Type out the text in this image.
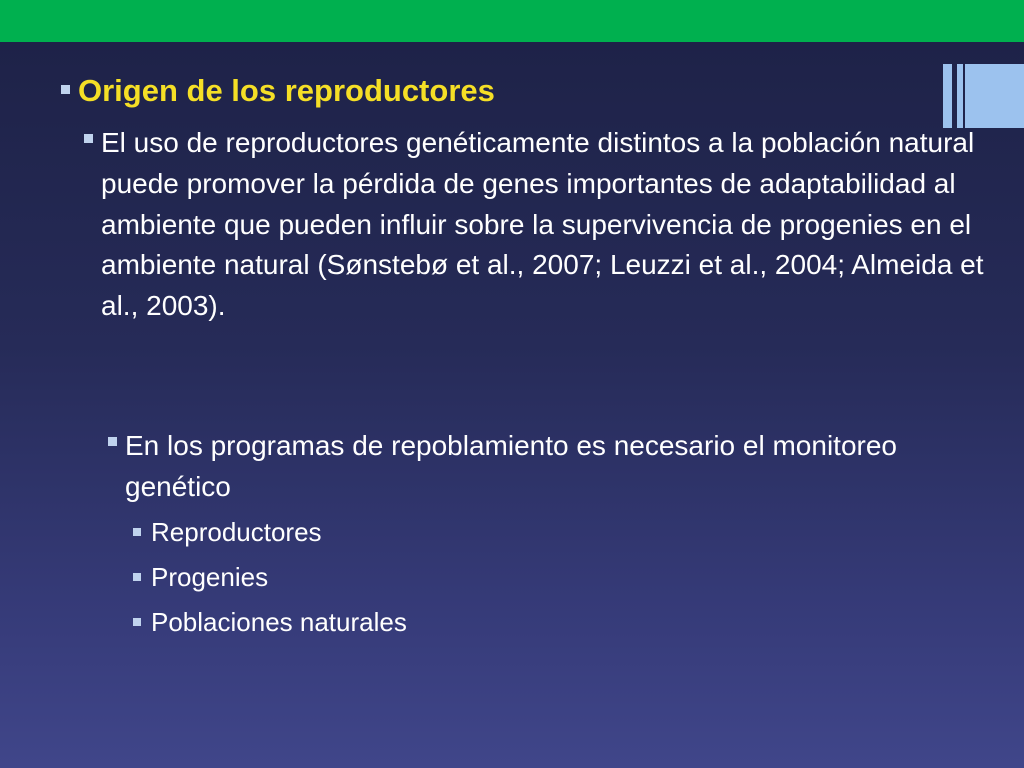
Origen de los reproductores
El uso de reproductores genéticamente distintos a la población natural puede promover la pérdida de genes importantes de adaptabilidad al ambiente que pueden influir sobre la supervivencia de progenies en el ambiente natural (Sønstebø et al., 2007; Leuzzi et al., 2004; Almeida et al., 2003).
En los programas de repoblamiento es necesario el monitoreo genético
Reproductores
Progenies
Poblaciones naturales
